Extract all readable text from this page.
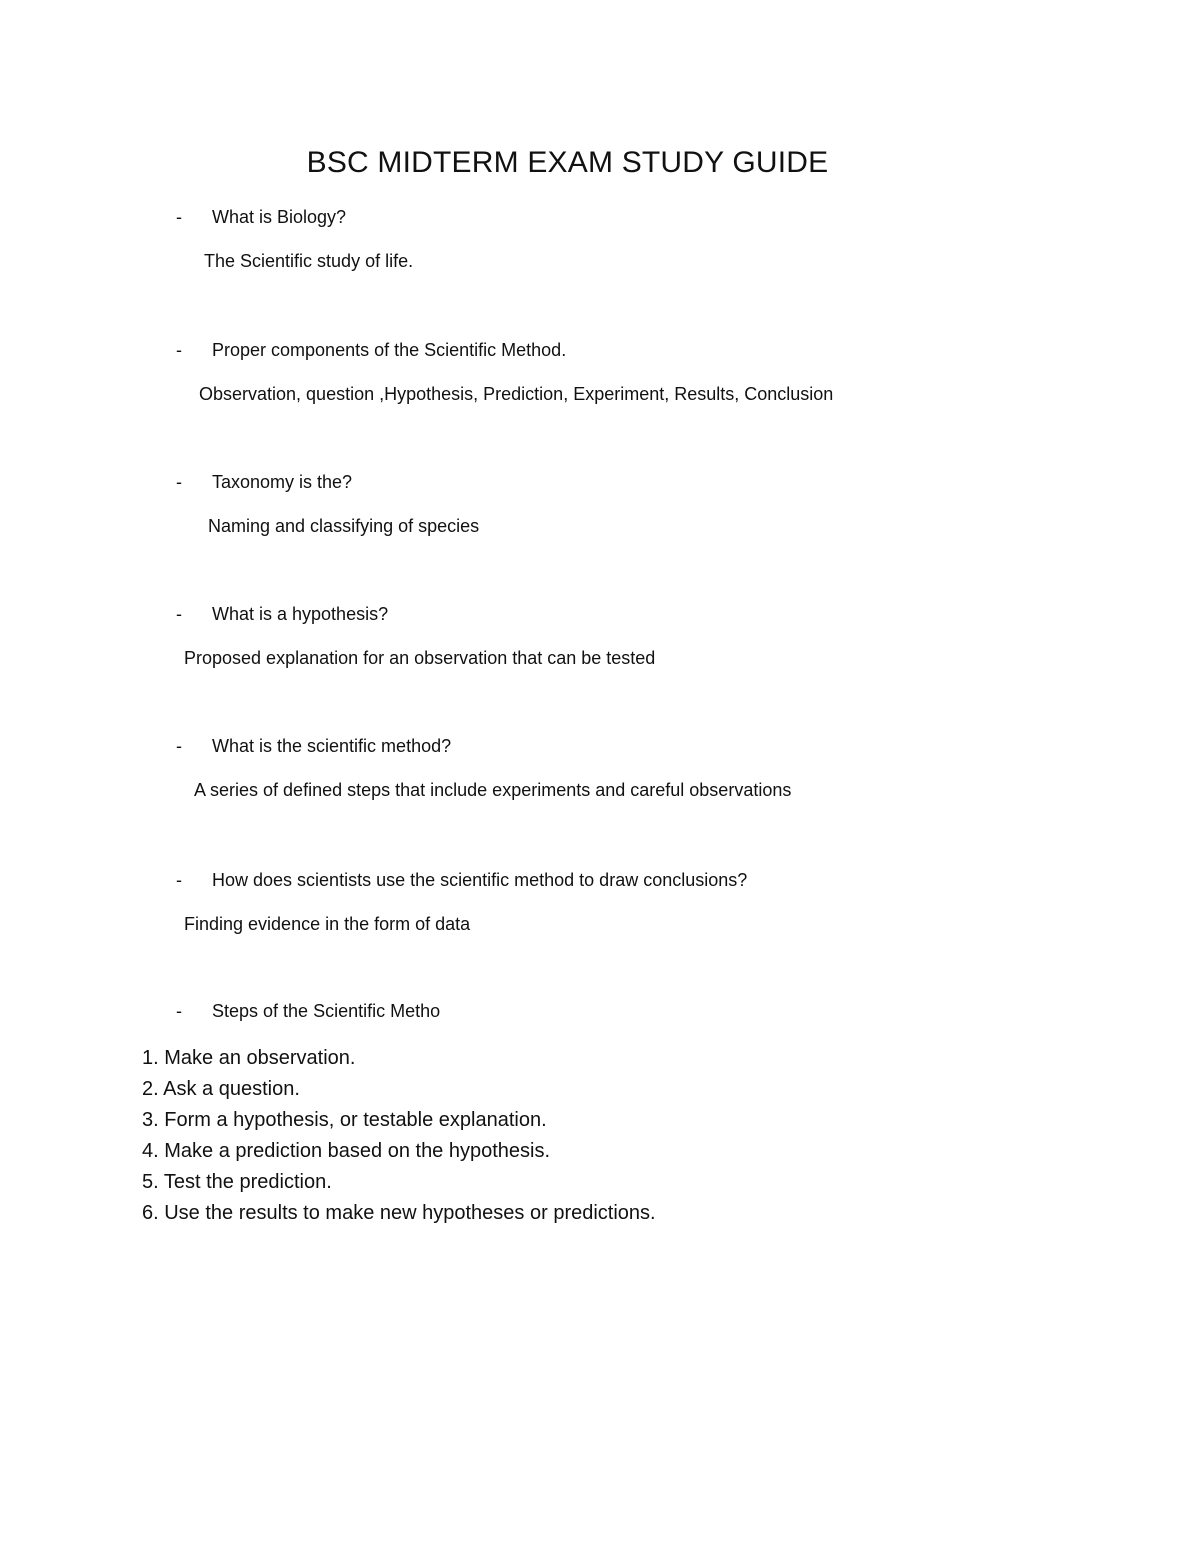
BSC MIDTERM EXAM STUDY GUIDE
- What is Biology?
The Scientific study of life.
- Proper components of the Scientific Method.
Observation, question ,Hypothesis, Prediction, Experiment, Results, Conclusion
- Taxonomy is the?
Naming and classifying of species
- What is a hypothesis?
Proposed explanation for an observation that can be tested
- What is the scientific method?
A series of defined steps that include experiments and careful observations
- How does scientists use the scientific method to draw conclusions?
Finding evidence in the form of data
- Steps of the Scientific Metho
1. Make an observation.
2. Ask a question.
3. Form a hypothesis, or testable explanation.
4. Make a prediction based on the hypothesis.
5. Test the prediction.
6. Use the results to make new hypotheses or predictions.
